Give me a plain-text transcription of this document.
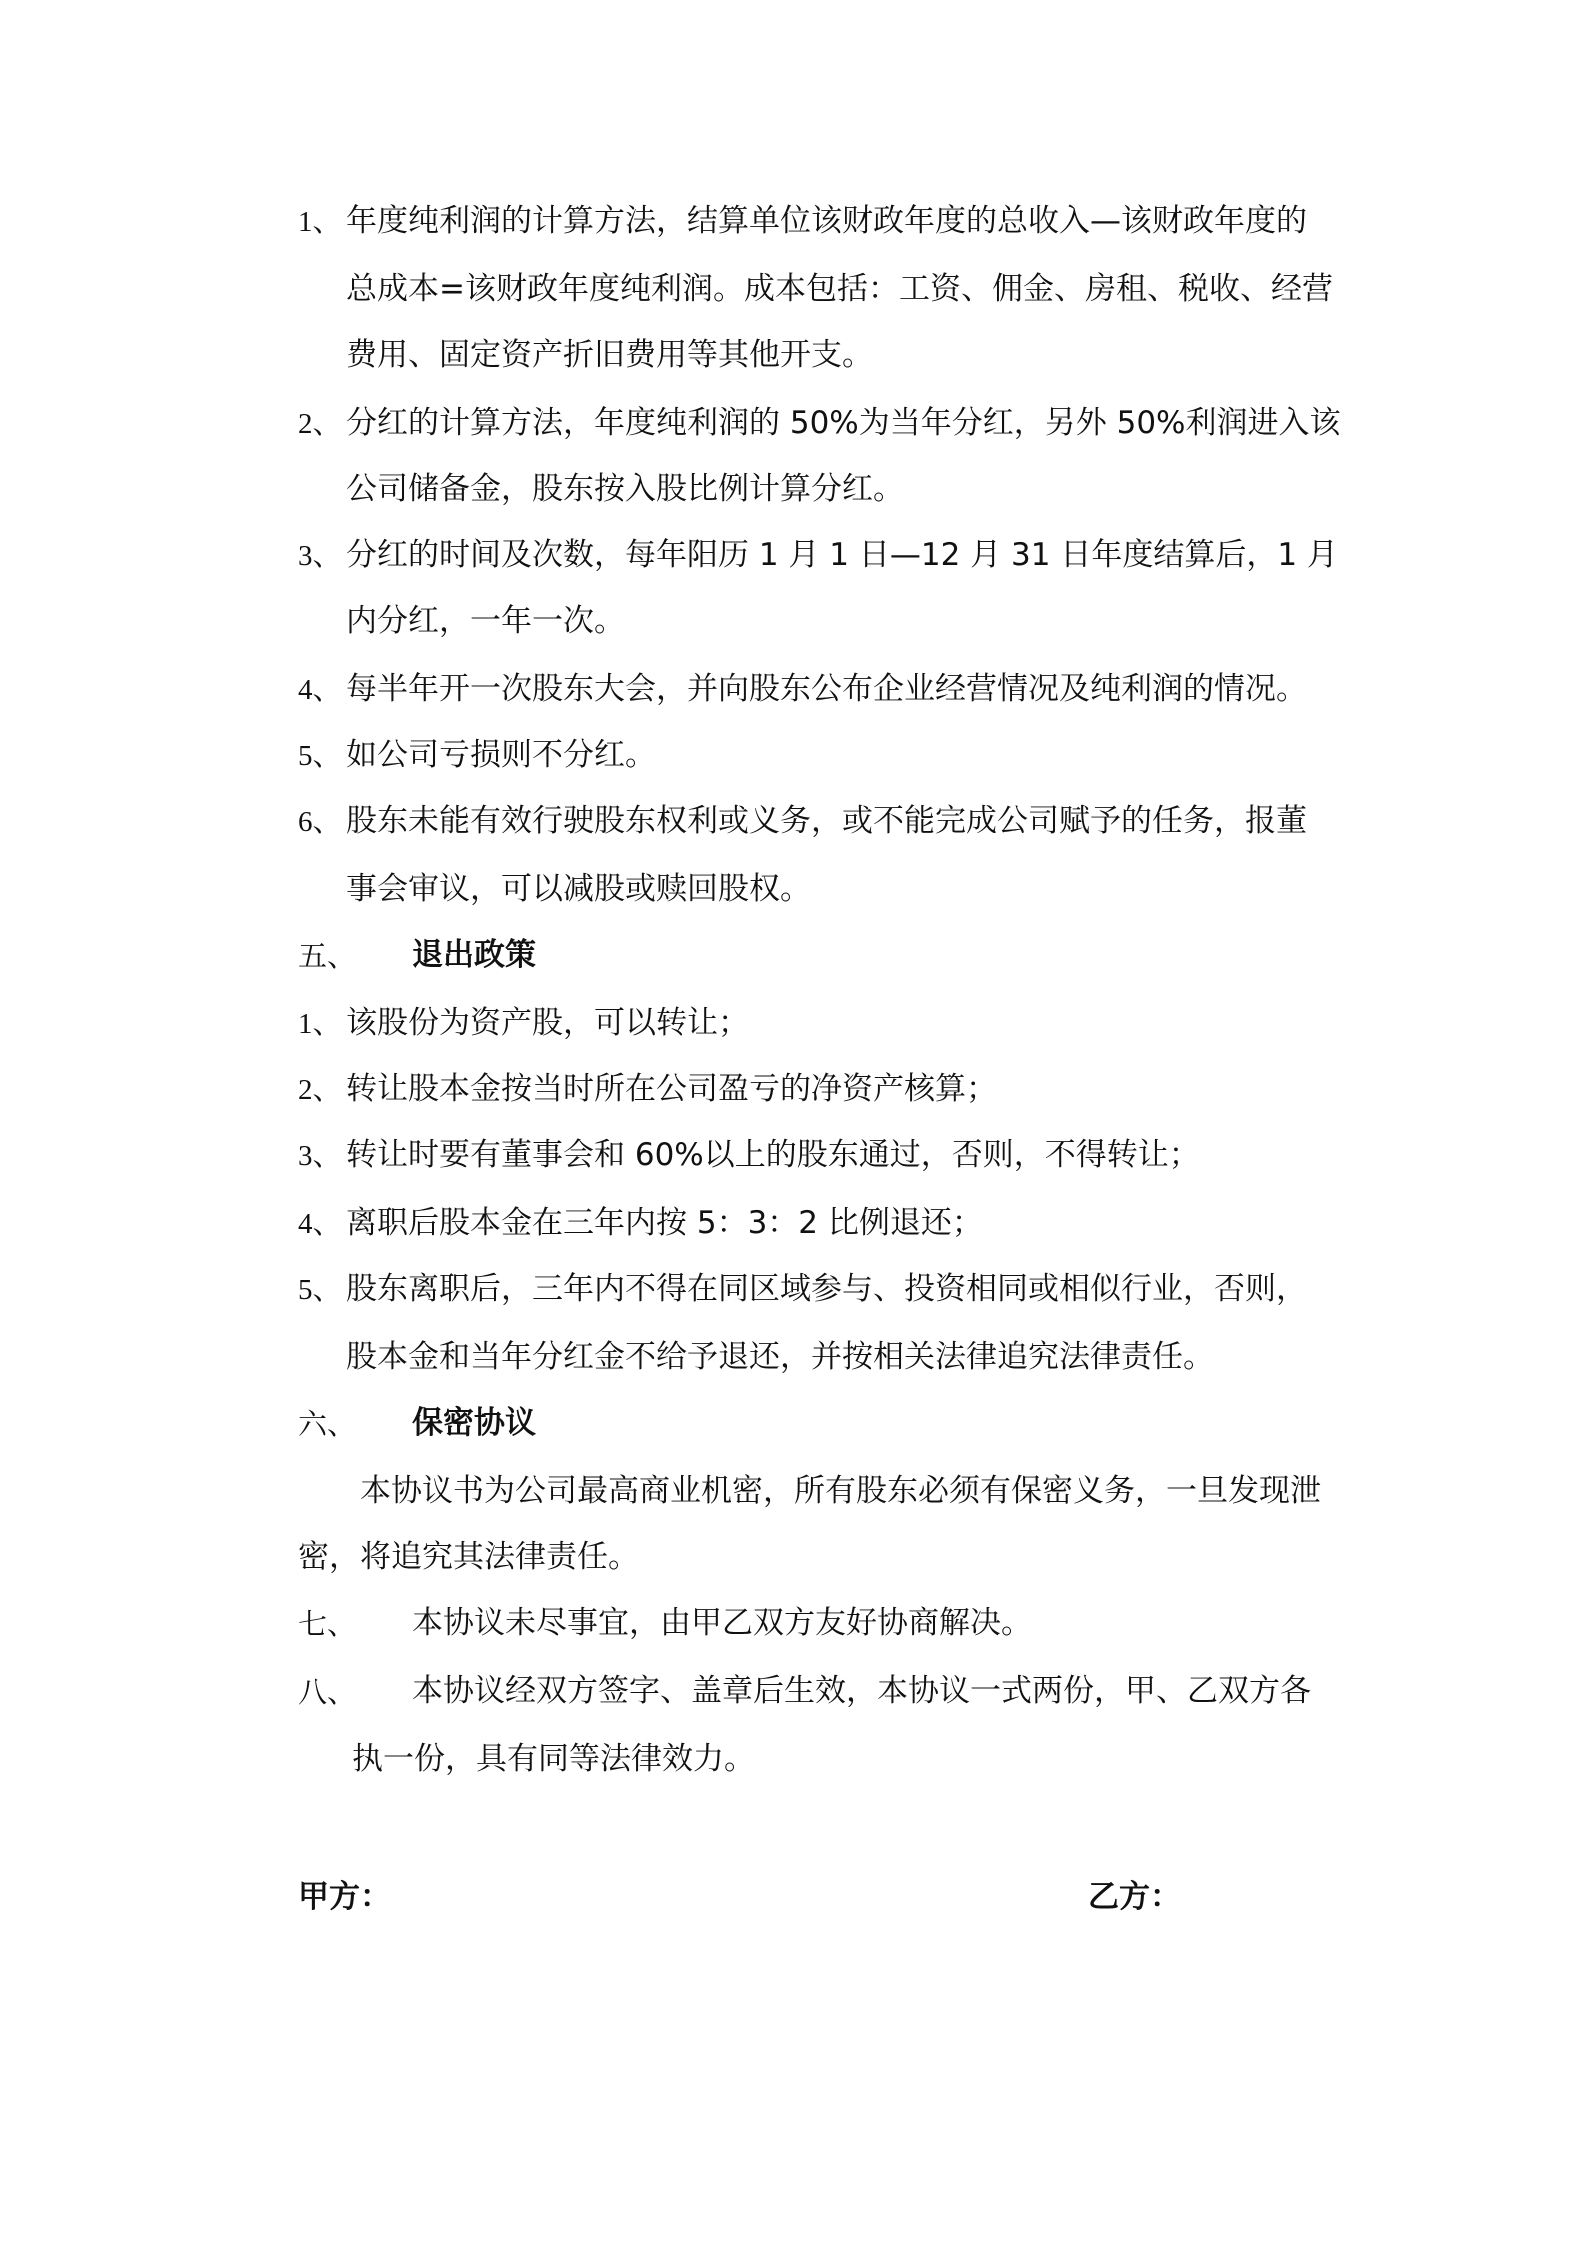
1、 年度纯利润的计算方法，结算单位该财政年度的总收入—该财政年度的
总成本=该财政年度纯利润。成本包括：工资、佣金、房租、税收、经营
费用、固定资产折旧费用等其他开支。
2、 分红的计算方法，年度纯利润的 50%为当年分红，另外 50%利润进入该
公司储备金，股东按入股比例计算分红。
3、 分红的时间及次数，每年阳历 1 月 1 日—12 月 31 日年度结算后，1 月
内分红，一年一次。
4、 每半年开一次股东大会，并向股东公布企业经营情况及纯利润的情况。
5、 如公司亏损则不分红。
6、 股东未能有效行驶股东权利或义务，或不能完成公司赋予的任务，报董
事会审议，可以减股或赎回股权。
五、 退出政策
1、 该股份为资产股，可以转让；
2、 转让股本金按当时所在公司盈亏的净资产核算；
3、 转让时要有董事会和 60%以上的股东通过，否则，不得转让；
4、 离职后股本金在三年内按 5：3：2 比例退还；
5、 股东离职后，三年内不得在同区域参与、投资相同或相似行业，否则，
股本金和当年分红金不给予退还，并按相关法律追究法律责任。
六、 保密协议
本协议书为公司最高商业机密，所有股东必须有保密义务，一旦发现泄
密，将追究其法律责任。
七、 本协议未尽事宜，由甲乙双方友好协商解决。
八、 本协议经双方签字、盖章后生效，本协议一式两份，甲、乙双方各
执一份，具有同等法律效力。
甲方：	乙方：
